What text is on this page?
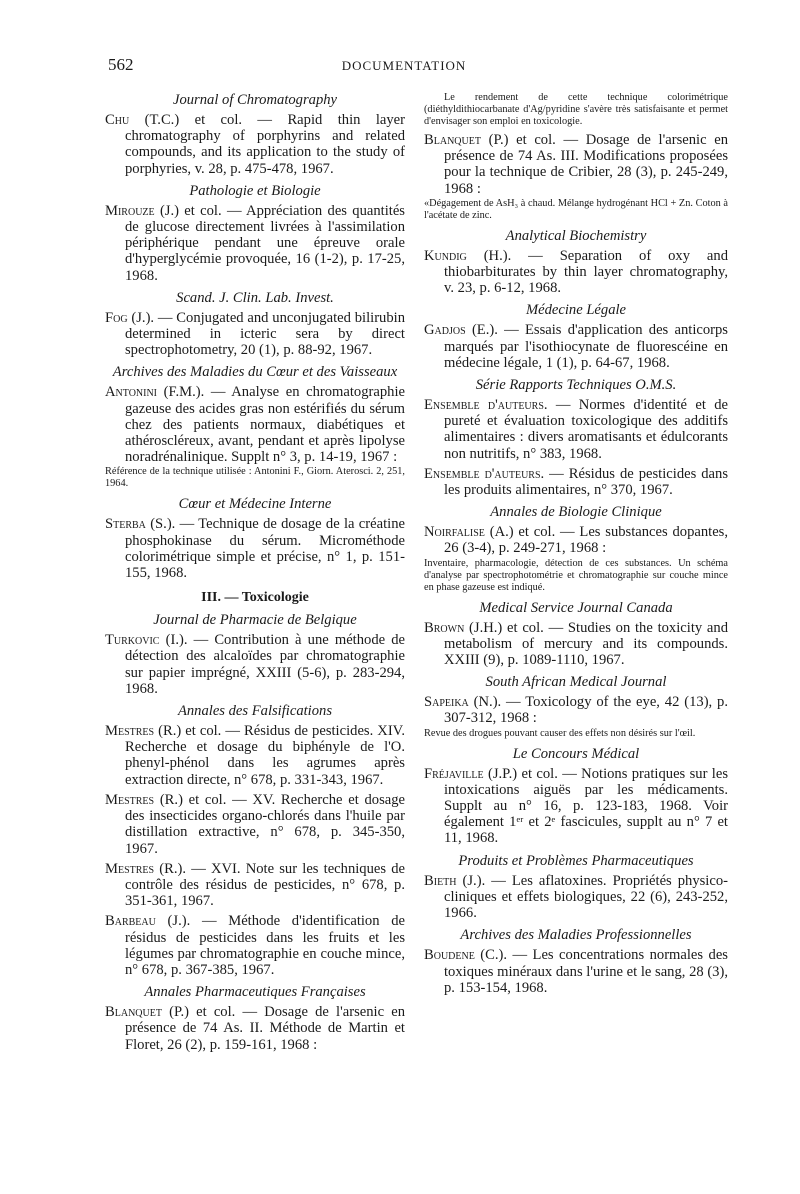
562	DOCUMENTATION
Journal of Chromatography

Chu (T.C.) et col. — Rapid thin layer chromatography of porphyrins and related compounds, and its application to the study of porphyries, v. 28, p. 475-478, 1967.

Pathologie et Biologie

Mirouze (J.) et col. — Appréciation des quantités de glucose directement livrées à l'assimilation périphérique pendant une épreuve orale d'hyperglycémie provoquée, 16 (1-2), p. 17-25, 1968.

Scand. J. Clin. Lab. Invest.

Fog (J.). — Conjugated and unconjugated bilirubin determined in icteric sera by direct spectrophotometry, 20 (1), p. 88-92, 1967.

Archives des Maladies du Cœur et des Vaisseaux

Antonini (F.M.). — Analyse en chromatographie gazeuse des acides gras non estérifiés du sérum chez des patients normaux, diabétiques et athéroscléreux, avant, pendant et après lipolyse noradrénalinique. Supplt n° 3, p. 14-19, 1967 :
Référence de la technique utilisée : Antonini F., Giorn. Aterosci. 2, 251, 1964.

Cœur et Médecine Interne

Sterba (S.). — Technique de dosage de la créatine phosphokinase du sérum. Microméthode colorimétrique simple et précise, n° 1, p. 151-155, 1968.

III. — Toxicologie
Journal de Pharmacie de Belgique

Turkovic (I.). — Contribution à une méthode de détection des alcaloïdes par chromatographie sur papier imprégné, XXIII (5-6), p. 283-294, 1968.

Annales des Falsifications

Mestres (R.) et col. — Résidus de pesticides. XIV. Recherche et dosage du biphényle de l'O. phenyl-phénol dans les agrumes après extraction directe, n° 678, p. 331-343, 1967.

Mestres (R.) et col. — XV. Recherche et dosage des insecticides organo-chlorés dans l'huile par distillation extractive, n° 678, p. 345-350, 1967.

Mestres (R.). — XVI. Note sur les techniques de contrôle des résidus de pesticides, n° 678, p. 351-361, 1967.

Barbeau (J.). — Méthode d'identification de résidus de pesticides dans les fruits et les légumes par chromatographie en couche mince, n° 678, p. 367-385, 1967.

Annales Pharmaceutiques Françaises

Blanquet (P.) et col. — Dosage de l'arsenic en présence de 74 As. II. Méthode de Martin et Floret, 26 (2), p. 159-161, 1968 :

Le rendement de cette technique colorimétrique (diéthyldithiocarbanate d'Ag/pyridine s'avère très satisfaisante et permet d'envisager son emploi en toxicologie.

Blanquet (P.) et col. — Dosage de l'arsenic en présence de 74 As. III. Modifications proposées pour la technique de Cribier, 28 (3), p. 245-249, 1968 :
«Dégagement de AsH₃ à chaud. Mélange hydrogénant HCl + Zn. Coton à l'acétate de zinc.

Analytical Biochemistry

Kundig (H.). — Separation of oxy and thiobarbiturates by thin layer chromatography, v. 23, p. 6-12, 1968.

Médecine Légale

Gadjos (E.). — Essais d'application des anticorps marqués par l'isothiocynate de fluorescéine en médecine légale, 1 (1), p. 64-67, 1968.

Série Rapports Techniques O.M.S.

Ensemble d'auteurs. — Normes d'identité et de pureté et évaluation toxicologique des additifs alimentaires : divers aromatisants et édulcorants non nutritifs, n° 383, 1968.

Ensemble d'auteurs. — Résidus de pesticides dans les produits alimentaires, n° 370, 1967.

Annales de Biologie Clinique

Noirfalise (A.) et col. — Les substances dopantes, 26 (3-4), p. 249-271, 1968 :
Inventaire, pharmacologie, détection de ces substances. Un schéma d'analyse par spectrophotométrie et chromatographie sur couche mince en phase gazeuse est indiqué.

Medical Service Journal Canada

Brown (J.H.) et col. — Studies on the toxicity and metabolism of mercury and its compounds. XXIII (9), p. 1089-1110, 1967.

South African Medical Journal

Sapeika (N.). — Toxicology of the eye, 42 (13), p. 307-312, 1968 :
Revue des drogues pouvant causer des effets non désirés sur l'œil.

Le Concours Médical

Fréjaville (J.P.) et col. — Notions pratiques sur les intoxications aiguës par les médicaments. Supplt au n° 16, p. 123-183, 1968. Voir également 1ᵉʳ et 2ᵉ fascicules, supplt au n° 7 et 11, 1968.

Produits et Problèmes Pharmaceutiques

Bieth (J.). — Les aflatoxines. Propriétés physico-cliniques et effets biologiques, 22 (6), 243-252, 1966.

Archives des Maladies Professionnelles

Boudene (C.). — Les concentrations normales des toxiques minéraux dans l'urine et le sang, 28 (3), p. 153-154, 1968.
